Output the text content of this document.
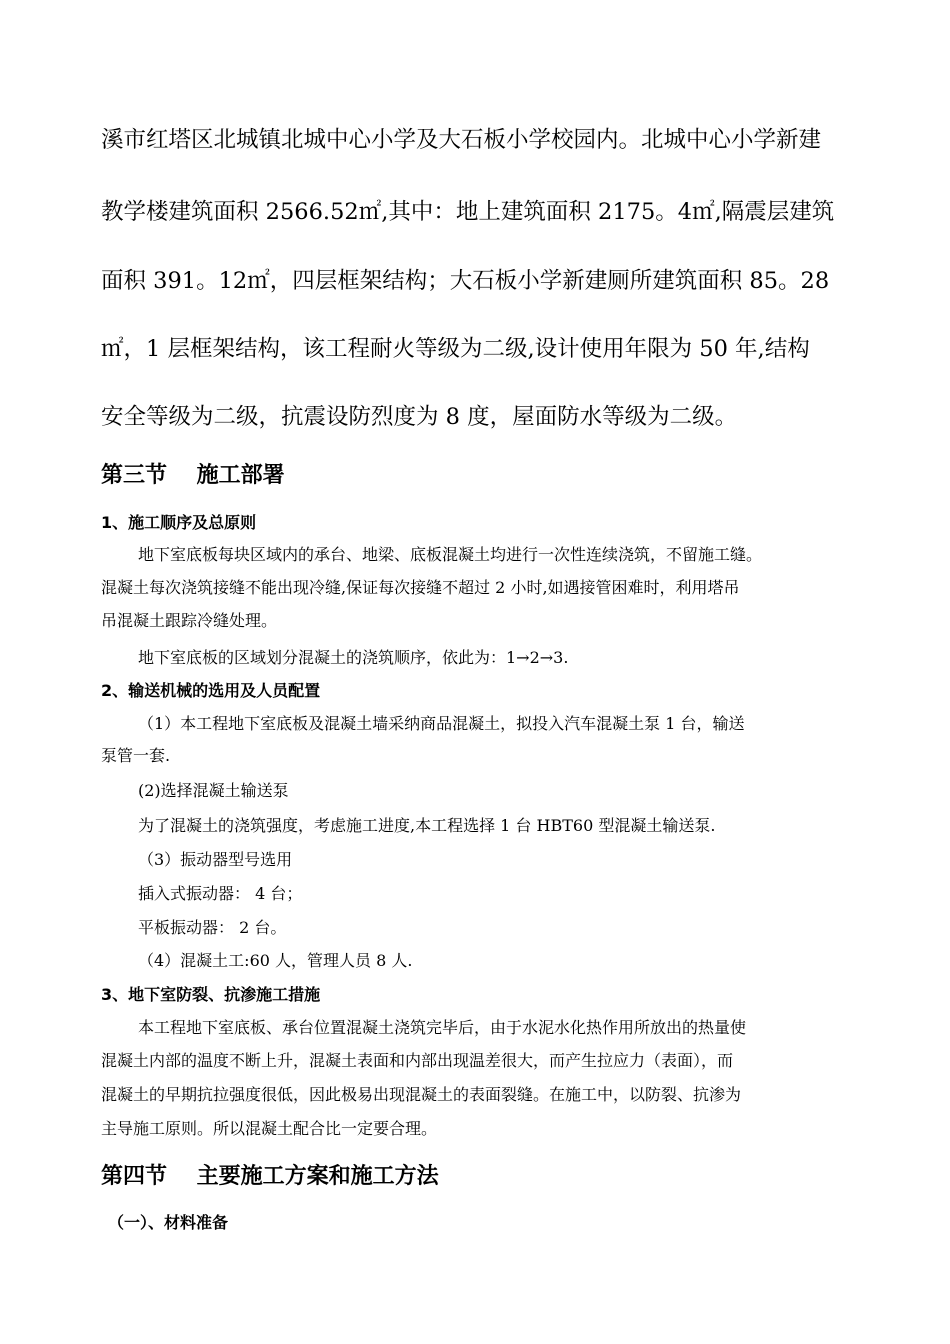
溪市红塔区北城镇北城中心小学及大石板小学校园内。北城中心小学新建

教学楼建筑面积 2566.52㎡,其中：地上建筑面积 2175。4㎡,隔震层建筑

面积 391。12㎡，四层框架结构；大石板小学新建厕所建筑面积 85。28

㎡，1 层框架结构，该工程耐火等级为二级,设计使用年限为 50 年,结构

安全等级为二级，抗震设防烈度为 8 度，屋面防水等级为二级。

第三节　 施工部署
1、施工顺序及总原则

地下室底板每块区域内的承台、地梁、底板混凝土均进行一次性连续浇筑，不留施工缝。

混凝土每次浇筑接缝不能出现冷缝,保证每次接缝不超过 2 小时,如遇接管困难时，利用塔吊

吊混凝土跟踪冷缝处理。

地下室底板的区域划分混凝土的浇筑顺序，依此为：1→2→3.

2、输送机械的选用及人员配置

（1）本工程地下室底板及混凝土墙采纳商品混凝土，拟投入汽车混凝土泵 1 台，输送

泵管一套.

(2)选择混凝土输送泵

为了混凝土的浇筑强度，考虑施工进度,本工程选择 1 台 HBT60 型混凝土输送泵.

（3）振动器型号选用

插入式振动器： 4 台；

平板振动器： 2 台。

（4）混凝土工:60 人，管理人员 8 人.

3、地下室防裂、抗渗施工措施

本工程地下室底板、承台位置混凝土浇筑完毕后，由于水泥水化热作用所放出的热量使

混凝土内部的温度不断上升，混凝土表面和内部出现温差很大，而产生拉应力（表面），而

混凝土的早期抗拉强度很低，因此极易出现混凝土的表面裂缝。在施工中，以防裂、抗渗为

主导施工原则。所以混凝土配合比一定要合理。

第四节　 主要施工方案和施工方法
（一）、材料准备
